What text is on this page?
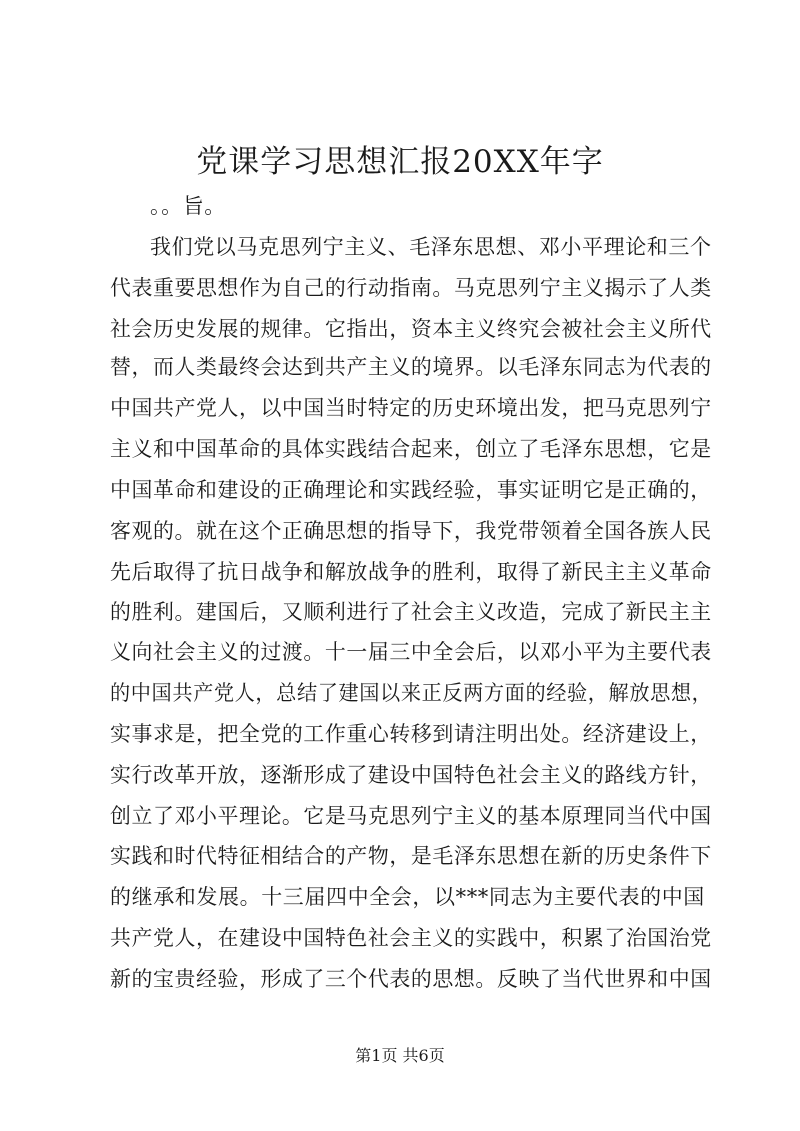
党课学习思想汇报20XX年字
。。旨。
我们党以马克思列宁主义、毛泽东思想、邓小平理论和三个
代表重要思想作为自己的行动指南。马克思列宁主义揭示了人类
社会历史发展的规律。它指出，资本主义终究会被社会主义所代
替，而人类最终会达到共产主义的境界。以毛泽东同志为代表的
中国共产党人，以中国当时特定的历史环境出发，把马克思列宁
主义和中国革命的具体实践结合起来，创立了毛泽东思想，它是
中国革命和建设的正确理论和实践经验，事实证明它是正确的，
客观的。就在这个正确思想的指导下，我党带领着全国各族人民
先后取得了抗日战争和解放战争的胜利，取得了新民主主义革命
的胜利。建国后，又顺利进行了社会主义改造，完成了新民主主
义向社会主义的过渡。十一届三中全会后，以邓小平为主要代表
的中国共产党人，总结了建国以来正反两方面的经验，解放思想，
实事求是，把全党的工作重心转移到请注明出处。经济建设上，
实行改革开放，逐渐形成了建设中国特色社会主义的路线方针，
创立了邓小平理论。它是马克思列宁主义的基本原理同当代中国
实践和时代特征相结合的产物，是毛泽东思想在新的历史条件下
的继承和发展。十三届四中全会，以***同志为主要代表的中国
共产党人，在建设中国特色社会主义的实践中，积累了治国治党
新的宝贵经验，形成了三个代表的思想。反映了当代世界和中国
第1页 共6页
